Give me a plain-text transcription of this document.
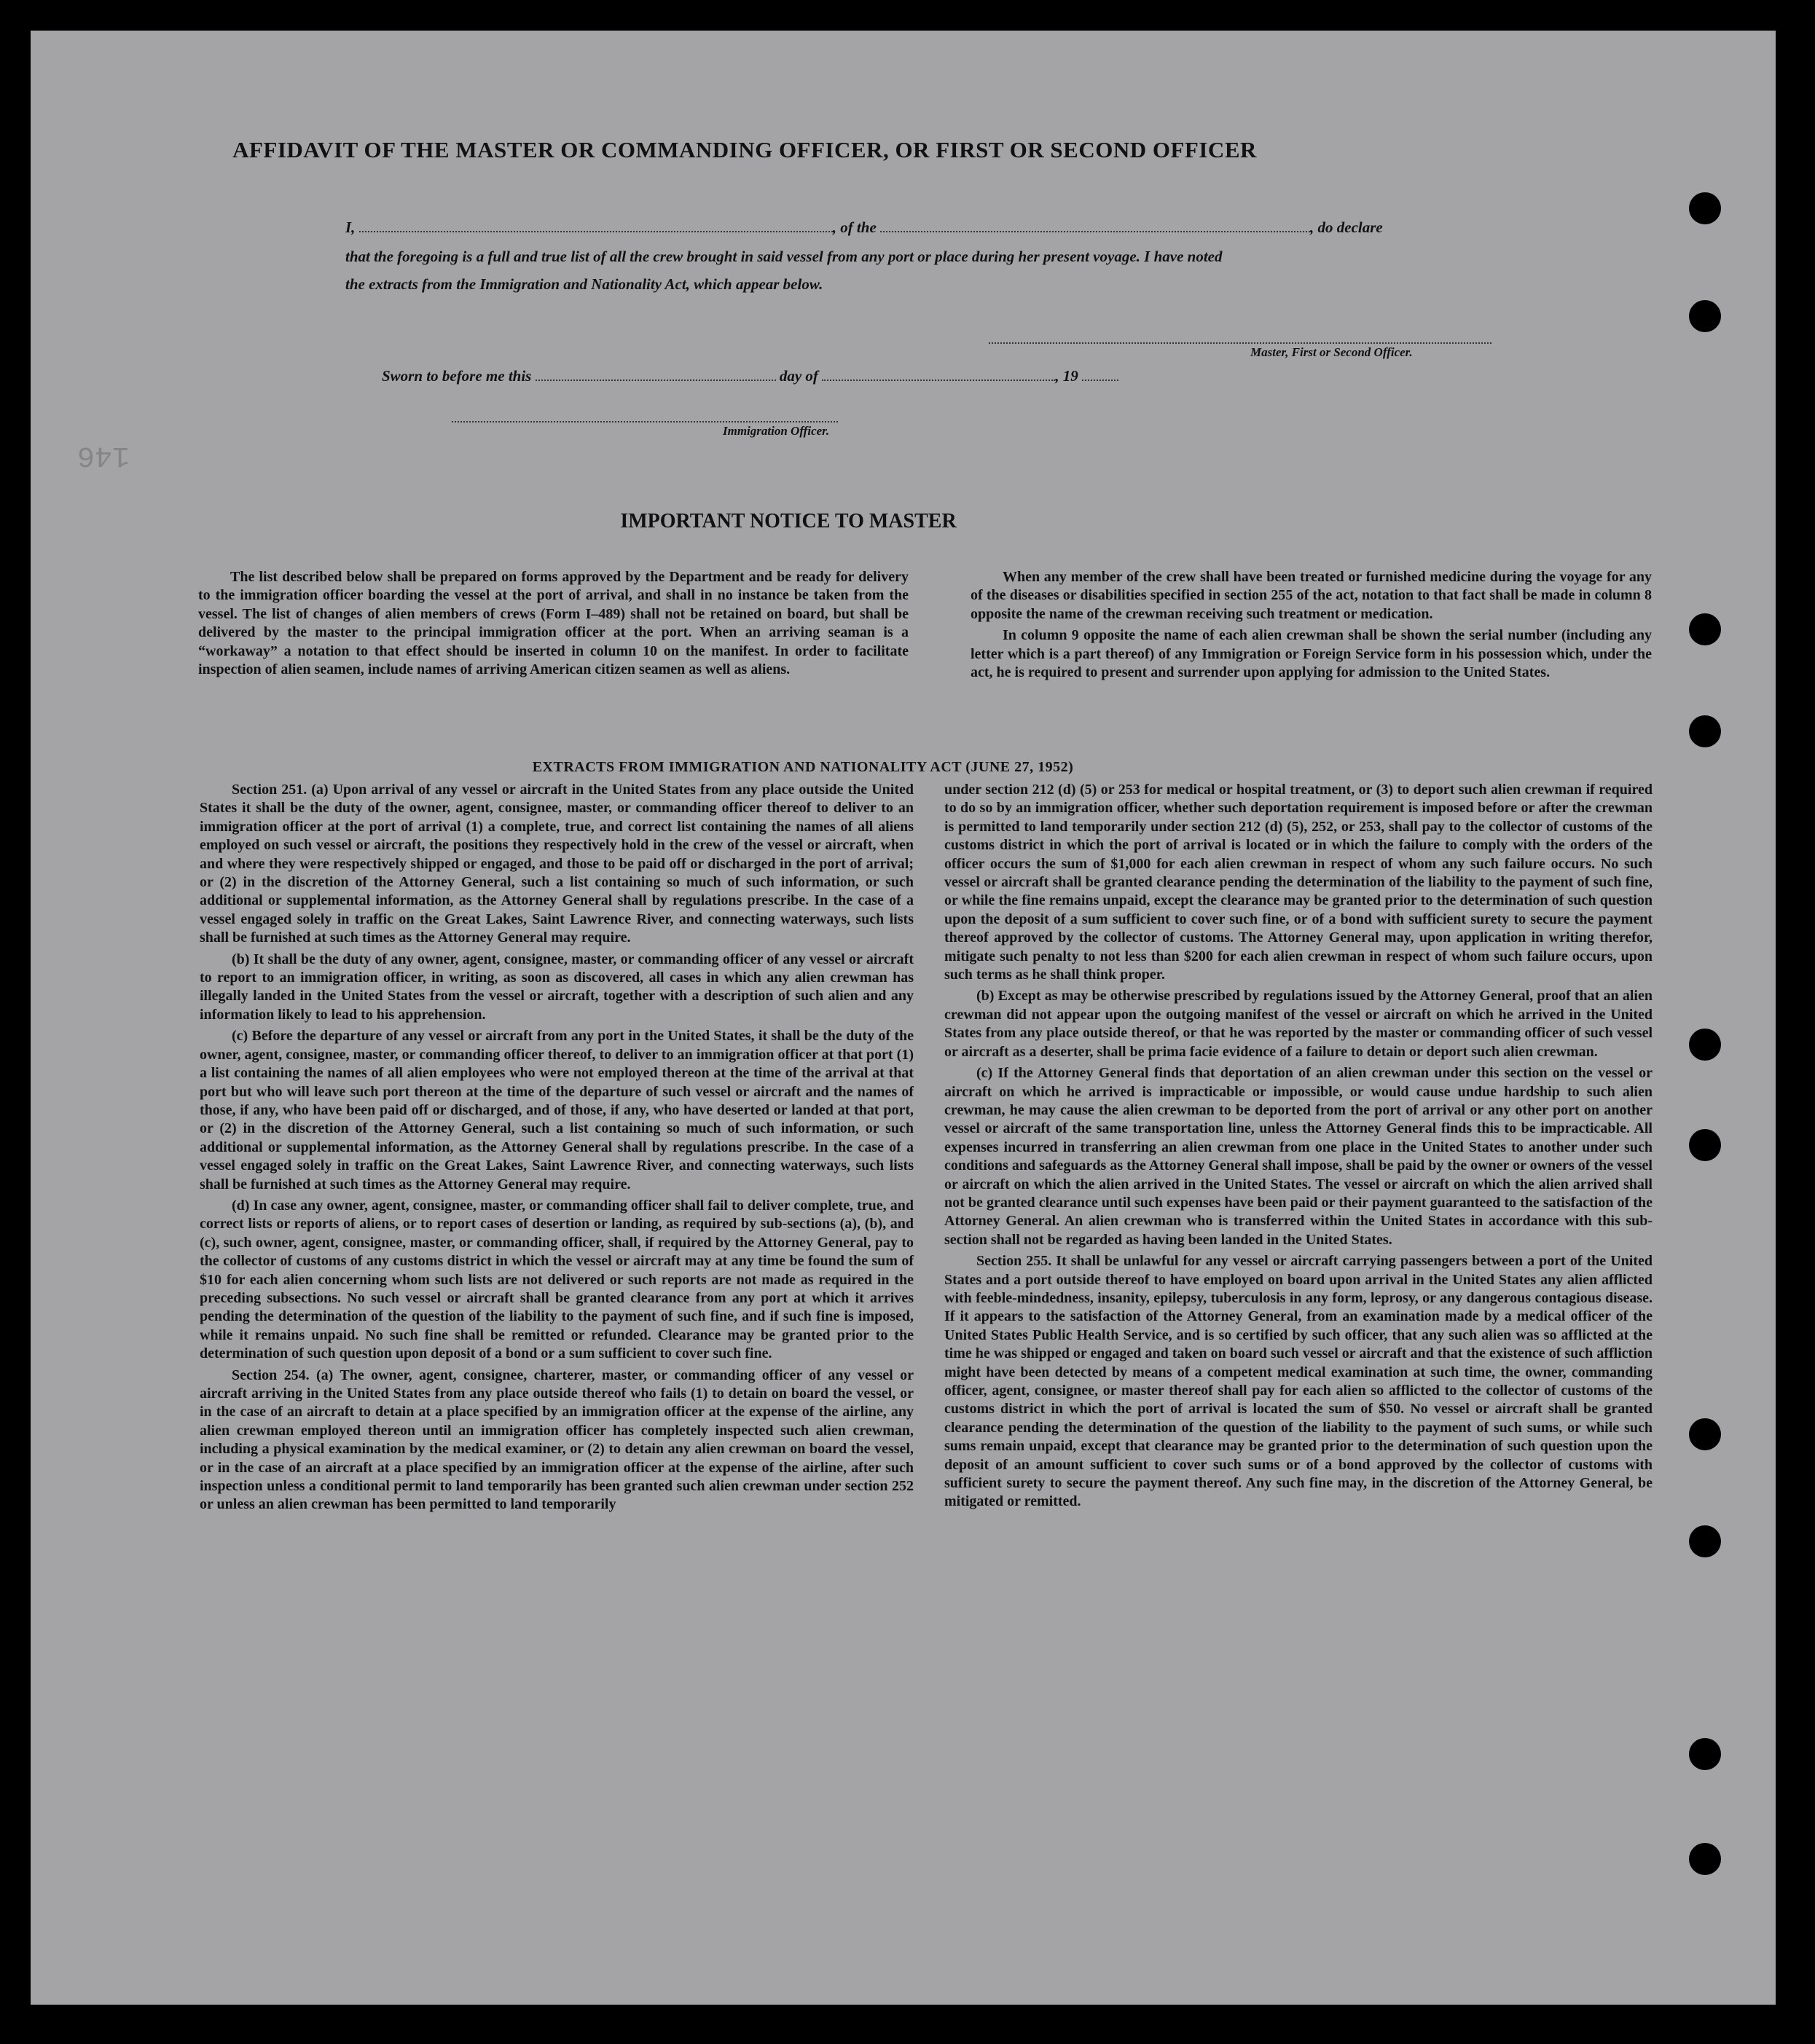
146
AFFIDAVIT OF THE MASTER OR COMMANDING OFFICER, OR FIRST OR SECOND OFFICER
I,	, of the	, do declare
that the foregoing is a full and true list of all the crew brought in said vessel from any port or place during her present voyage. I have noted
the extracts from the Immigration and Nationality Act, which appear below.
Master, First or Second Officer.
Sworn to before me this	day of	, 19
Immigration Officer.
IMPORTANT NOTICE TO MASTER

The list described below shall be prepared on forms approved by the Department and be ready for delivery to the immigration officer boarding the vessel at the port of arrival, and shall in no instance be taken from the vessel. The list of changes of alien members of crews (Form I–489) shall not be retained on board, but shall be delivered by the master to the principal immigration officer at the port. When an arriving seaman is a “workaway” a notation to that effect should be inserted in column 10 on the manifest. In order to facilitate inspection of alien seamen, include names of arriving American citizen seamen as well as aliens.

When any member of the crew shall have been treated or furnished medicine during the voyage for any of the diseases or disabilities specified in section 255 of the act, notation to that fact shall be made in column 8 opposite the name of the crewman receiving such treatment or medication.

In column 9 opposite the name of each alien crewman shall be shown the serial number (including any letter which is a part thereof) of any Immigration or Foreign Service form in his possession which, under the act, he is required to present and surrender upon applying for admission to the United States.

EXTRACTS FROM IMMIGRATION AND NATIONALITY ACT (JUNE 27, 1952)

Section 251. (a) Upon arrival of any vessel or aircraft in the United States from any place outside the United States it shall be the duty of the owner, agent, consignee, master, or commanding officer thereof to deliver to an immigration officer at the port of arrival (1) a complete, true, and correct list containing the names of all aliens employed on such vessel or aircraft, the positions they respectively hold in the crew of the vessel or aircraft, when and where they were respectively shipped or engaged, and those to be paid off or discharged in the port of arrival; or (2) in the discretion of the Attorney General, such a list containing so much of such information, or such additional or supplemental information, as the Attorney General shall by regulations prescribe. In the case of a vessel engaged solely in traffic on the Great Lakes, Saint Lawrence River, and connecting waterways, such lists shall be furnished at such times as the Attorney General may require.

(b) It shall be the duty of any owner, agent, consignee, master, or commanding officer of any vessel or aircraft to report to an immigration officer, in writing, as soon as discovered, all cases in which any alien crewman has illegally landed in the United States from the vessel or aircraft, together with a description of such alien and any information likely to lead to his apprehension.

(c) Before the departure of any vessel or aircraft from any port in the United States, it shall be the duty of the owner, agent, consignee, master, or commanding officer thereof, to deliver to an immigration officer at that port (1) a list containing the names of all alien employees who were not employed thereon at the time of the arrival at that port but who will leave such port thereon at the time of the departure of such vessel or aircraft and the names of those, if any, who have been paid off or discharged, and of those, if any, who have deserted or landed at that port, or (2) in the discretion of the Attorney General, such a list containing so much of such information, or such additional or supplemental information, as the Attorney General shall by regulations prescribe. In the case of a vessel engaged solely in traffic on the Great Lakes, Saint Lawrence River, and connecting waterways, such lists shall be furnished at such times as the Attorney General may require.

(d) In case any owner, agent, consignee, master, or commanding officer shall fail to deliver complete, true, and correct lists or reports of aliens, or to report cases of desertion or landing, as required by sub-sections (a), (b), and (c), such owner, agent, consignee, master, or commanding officer, shall, if required by the Attorney General, pay to the collector of customs of any customs district in which the vessel or aircraft may at any time be found the sum of $10 for each alien concerning whom such lists are not delivered or such reports are not made as required in the preceding subsections. No such vessel or aircraft shall be granted clearance from any port at which it arrives pending the determination of the question of the liability to the payment of such fine, and if such fine is imposed, while it remains unpaid. No such fine shall be remitted or refunded. Clearance may be granted prior to the determination of such question upon deposit of a bond or a sum sufficient to cover such fine.

Section 254. (a) The owner, agent, consignee, charterer, master, or commanding officer of any vessel or aircraft arriving in the United States from any place outside thereof who fails (1) to detain on board the vessel, or in the case of an aircraft to detain at a place specified by an immigration officer at the expense of the airline, any alien crewman employed thereon until an immigration officer has completely inspected such alien crewman, including a physical examination by the medical examiner, or (2) to detain any alien crewman on board the vessel, or in the case of an aircraft at a place specified by an immigration officer at the expense of the airline, after such inspection unless a conditional permit to land temporarily has been granted such alien crewman under section 252 or unless an alien crewman has been permitted to land temporarily

under section 212 (d) (5) or 253 for medical or hospital treatment, or (3) to deport such alien crewman if required to do so by an immigration officer, whether such deportation requirement is imposed before or after the crewman is permitted to land temporarily under section 212 (d) (5), 252, or 253, shall pay to the collector of customs of the customs district in which the port of arrival is located or in which the failure to comply with the orders of the officer occurs the sum of $1,000 for each alien crewman in respect of whom any such failure occurs. No such vessel or aircraft shall be granted clearance pending the determination of the liability to the payment of such fine, or while the fine remains unpaid, except the clearance may be granted prior to the determination of such question upon the deposit of a sum sufficient to cover such fine, or of a bond with sufficient surety to secure the payment thereof approved by the collector of customs. The Attorney General may, upon application in writing therefor, mitigate such penalty to not less than $200 for each alien crewman in respect of whom such failure occurs, upon such terms as he shall think proper.

(b) Except as may be otherwise prescribed by regulations issued by the Attorney General, proof that an alien crewman did not appear upon the outgoing manifest of the vessel or aircraft on which he arrived in the United States from any place outside thereof, or that he was reported by the master or commanding officer of such vessel or aircraft as a deserter, shall be prima facie evidence of a failure to detain or deport such alien crewman.

(c) If the Attorney General finds that deportation of an alien crewman under this section on the vessel or aircraft on which he arrived is impracticable or impossible, or would cause undue hardship to such alien crewman, he may cause the alien crewman to be deported from the port of arrival or any other port on another vessel or aircraft of the same transportation line, unless the Attorney General finds this to be impracticable. All expenses incurred in transferring an alien crewman from one place in the United States to another under such conditions and safeguards as the Attorney General shall impose, shall be paid by the owner or owners of the vessel or aircraft on which the alien arrived in the United States. The vessel or aircraft on which the alien arrived shall not be granted clearance until such expenses have been paid or their payment guaranteed to the satisfaction of the Attorney General. An alien crewman who is transferred within the United States in accordance with this sub-section shall not be regarded as having been landed in the United States.

Section 255. It shall be unlawful for any vessel or aircraft carrying passengers between a port of the United States and a port outside thereof to have employed on board upon arrival in the United States any alien afflicted with feeble-mindedness, insanity, epilepsy, tuberculosis in any form, leprosy, or any dangerous contagious disease. If it appears to the satisfaction of the Attorney General, from an examination made by a medical officer of the United States Public Health Service, and is so certified by such officer, that any such alien was so afflicted at the time he was shipped or engaged and taken on board such vessel or aircraft and that the existence of such affliction might have been detected by means of a competent medical examination at such time, the owner, commanding officer, agent, consignee, or master thereof shall pay for each alien so afflicted to the collector of customs of the customs district in which the port of arrival is located the sum of $50. No vessel or aircraft shall be granted clearance pending the determination of the question of the liability to the payment of such sums, or while such sums remain unpaid, except that clearance may be granted prior to the determination of such question upon the deposit of an amount sufficient to cover such sums or of a bond approved by the collector of customs with sufficient surety to secure the payment thereof. Any such fine may, in the discretion of the Attorney General, be mitigated or remitted.
